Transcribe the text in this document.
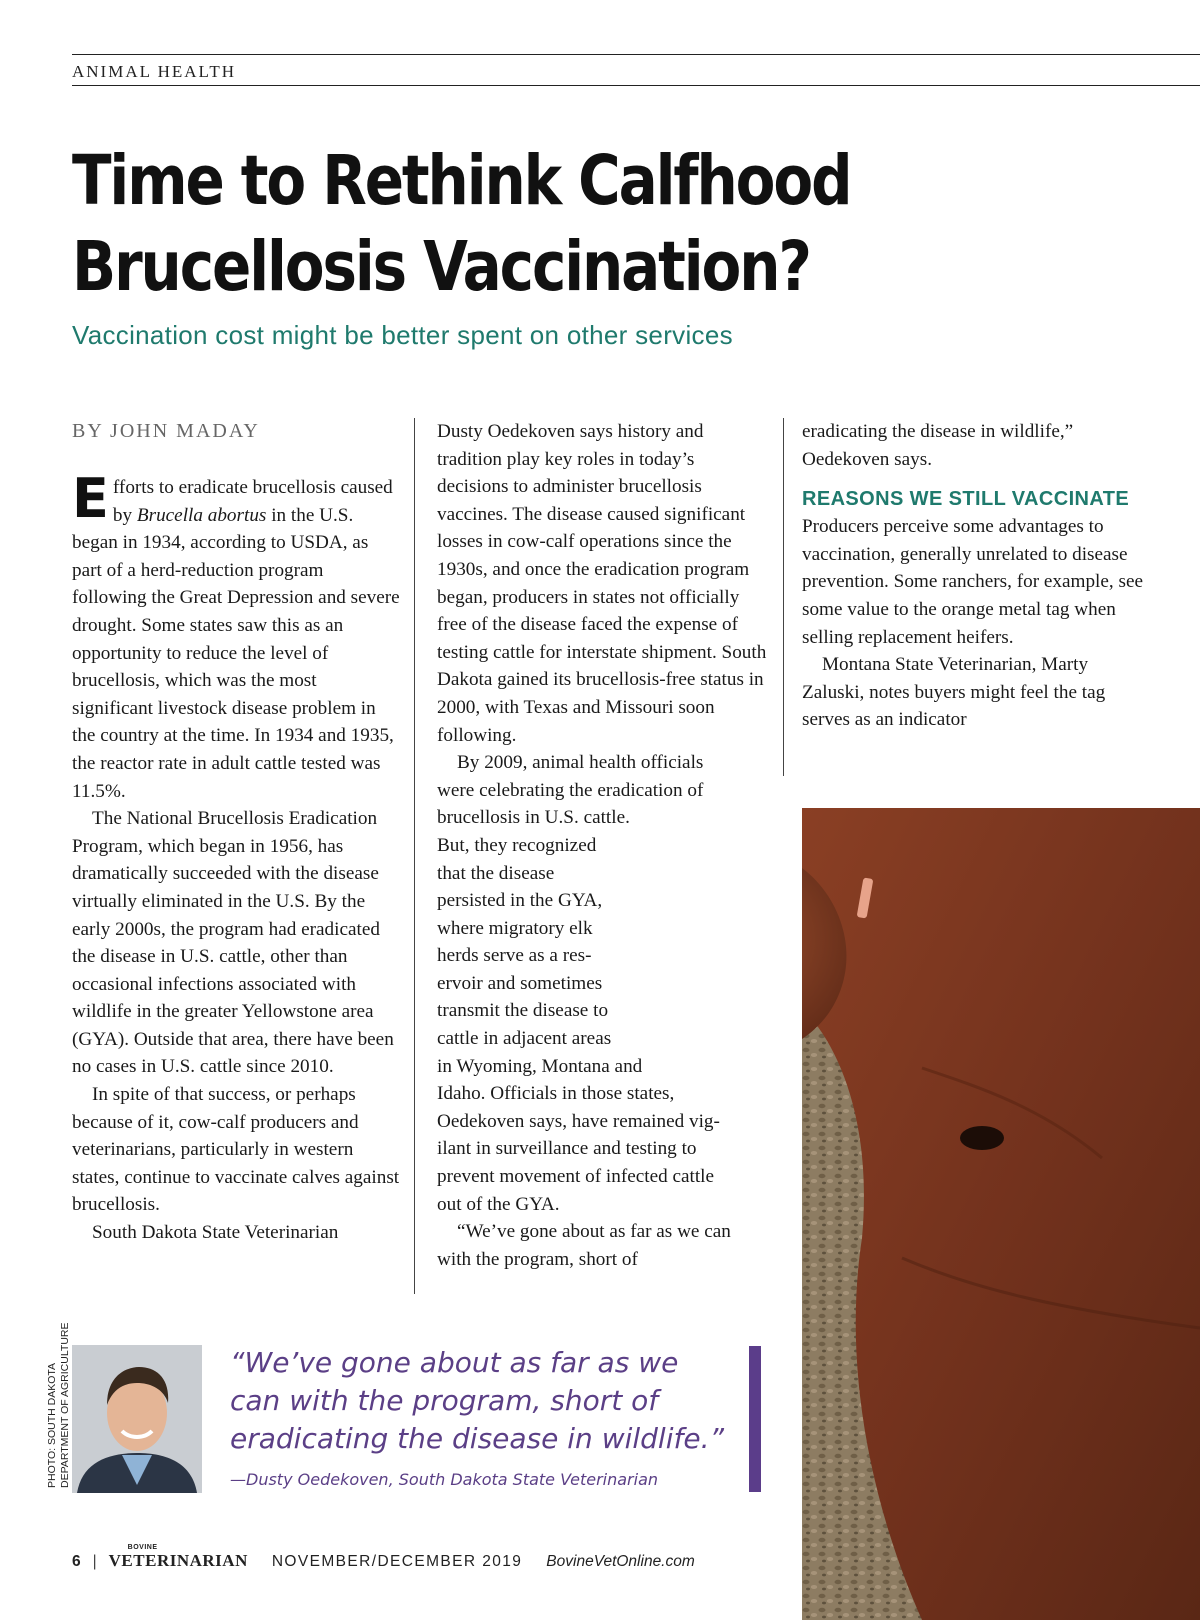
ANIMAL HEALTH
Time to Rethink Calfhood
Brucellosis Vaccination?
Vaccination cost might be better spent on other services
BY JOHN MADAY

Efforts to eradicate brucellosis caused by Brucella abortus in the U.S. began in 1934, according to USDA, as part of a herd-reduction program following the Great Depression and severe drought. Some states saw this as an opportunity to reduce the level of brucellosis, which was the most significant livestock disease problem in the country at the time. In 1934 and 1935, the reactor rate in adult cattle tested was 11.5%.

The National Brucellosis Eradication Program, which began in 1956, has dramatically succeeded with the disease virtually eliminated in the U.S. By the early 2000s, the program had eradicated the disease in U.S. cattle, other than occasional infections associated with wildlife in the greater Yellowstone area (GYA). Outside that area, there have been no cases in U.S. cattle since 2010.

In spite of that success, or perhaps because of it, cow-calf producers and veterinarians, particularly in western states, continue to vaccinate calves against brucellosis.

South Dakota State Veterinarian

Dusty Oedekoven says history and tradition play key roles in today’s decisions to administer brucellosis vaccines. The disease caused significant losses in cow-calf operations since the 1930s, and once the eradication program began, producers in states not officially free of the disease faced the expense of testing cattle for interstate shipment. South Dakota gained its brucellosis-free status in 2000, with Texas and Missouri soon following.

By 2009, animal health officials
were celebrating the eradication of
brucellosis in U.S. cattle.
But, they recognized
that the disease
persisted in the GYA,
where migratory elk
herds serve as a res-
ervoir and sometimes
transmit the disease to
cattle in adjacent areas
in Wyoming, Montana and
Idaho. Officials in those states,
Oedekoven says, have remained vig-
ilant in surveillance and testing to
prevent movement of infected cattle
out of the GYA.

“We’ve gone about as far as we can with the program, short of

eradicating the disease in wildlife,” Oedekoven says.

REASONS WE STILL VACCINATE

Producers perceive some advantages to vaccination, generally unrelated to disease prevention. Some ranchers, for example, see some value to the orange metal tag when selling replacement heifers.

Montana State Veterinarian, Marty Zaluski, notes buyers might feel the tag serves as an indicator

PHOTO: SOUTH DAKOTA DEPARTMENT OF AGRICULTURE	“We’ve gone about as far as we
can with the program, short of
eradicating the disease in wildlife.”
—Dusty Oedekoven, South Dakota State Veterinarian
6 |
BOVINE
VETERINARIAN NOVEMBER/DECEMBER 2019 BovineVetOnline.com
